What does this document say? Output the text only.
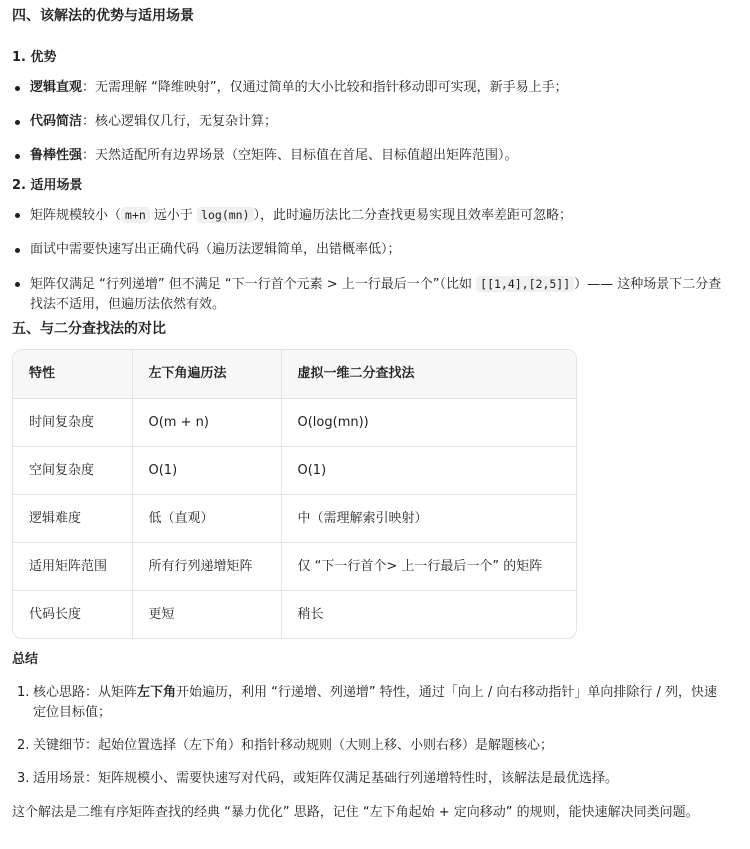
四、该解法的优势与适用场景
1. 优势
逻辑直观：无需理解 “降维映射”，仅通过简单的大小比较和指针移动即可实现，新手易上手；
代码简洁：核心逻辑仅几行，无复杂计算；
鲁棒性强：天然适配所有边界场景（空矩阵、目标值在首尾、目标值超出矩阵范围）。
2. 适用场景
矩阵规模较小（ m+n 远小于 log(mn) ），此时遍历法比二分查找更易实现且效率差距可忽略；
面试中需要快速写出正确代码（遍历法逻辑简单，出错概率低）；
矩阵仅满足 “行列递增” 但不满足 “下一行首个元素 > 上一行最后一个”（比如 [[1,4],[2,5]] ）—— 这种场景下二分查找法不适用，但遍历法依然有效。
五、与二分查找法的对比
特性	左下角遍历法	虚拟一维二分查找法
时间复杂度	O(m + n)	O(log(mn))
空间复杂度	O(1)	O(1)
逻辑难度	低（直观）	中（需理解索引映射）
适用矩阵范围	所有行列递增矩阵	仅 “下一行首个> 上一行最后一个” 的矩阵
代码长度	更短	稍长
总结
1. 核心思路：从矩阵左下角开始遍历，利用 “行递增、列递增” 特性，通过「向上 / 向右移动指针」单向排除行 / 列，快速定位目标值；
2. 关键细节：起始位置选择（左下角）和指针移动规则（大则上移、小则右移）是解题核心；
3. 适用场景：矩阵规模小、需要快速写对代码，或矩阵仅满足基础行列递增特性时，该解法是最优选择。
这个解法是二维有序矩阵查找的经典 “暴力优化” 思路，记住 “左下角起始 + 定向移动” 的规则，能快速解决同类问题。
